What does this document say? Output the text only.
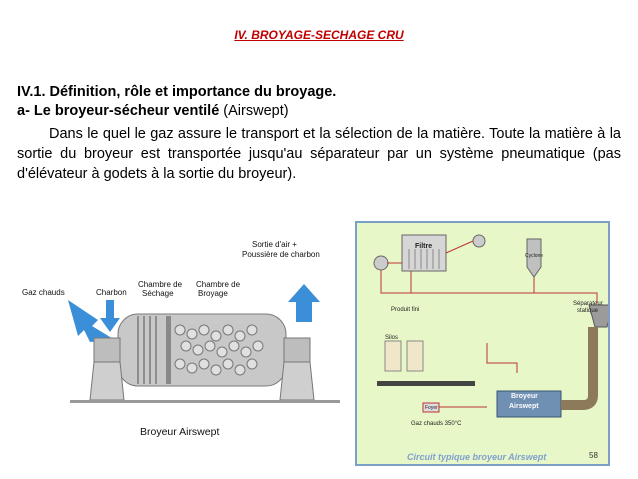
IV. BROYAGE-SECHAGE CRU
IV.1. Définition, rôle et importance du broyage.
a- Le broyeur-sécheur ventilé (Airswept)
Dans le quel le gaz assure le transport et la sélection de la matière. Toute la matière à la sortie du broyeur est transportée jusqu'au séparateur par un système pneumatique (pas d'élévateur à godets à la sortie du broyeur).
Gaz chauds	Charbon
Chambre de
Séchage
Chambre de
Broyage
Sortie d'air +
Poussière de charbon
Broyeur Airswept
Filtre
Produit fini
Séparateur
statique
Broyeur
Airswept
Gaz chauds 350°C
Silos
Cyclone
Foyer
Circuit typique broyeur Airswept	58
